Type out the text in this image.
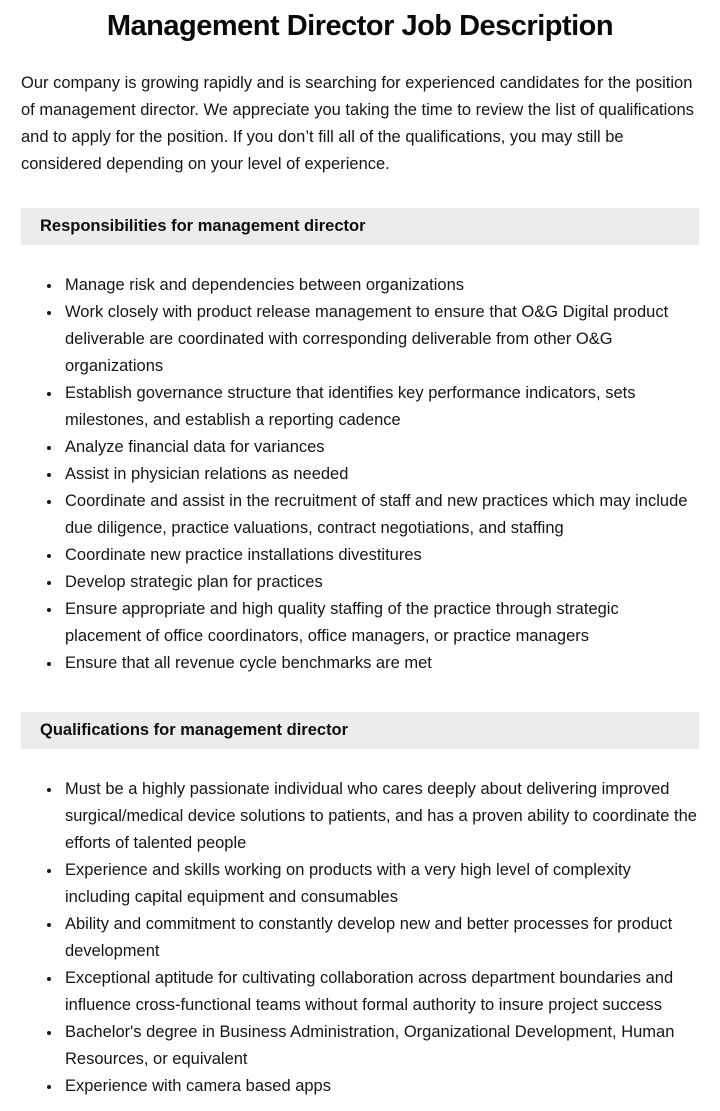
Management Director Job Description

Our company is growing rapidly and is searching for experienced candidates for the position of management director. We appreciate you taking the time to review the list of qualifications and to apply for the position. If you don’t fill all of the qualifications, you may still be considered depending on your level of experience.

Responsibilities for management director
• Manage risk and dependencies between organizations
• Work closely with product release management to ensure that O&G Digital product deliverable are coordinated with corresponding deliverable from other O&G organizations
• Establish governance structure that identifies key performance indicators, sets milestones, and establish a reporting cadence
• Analyze financial data for variances
• Assist in physician relations as needed
• Coordinate and assist in the recruitment of staff and new practices which may include due diligence, practice valuations, contract negotiations, and staffing
• Coordinate new practice installations divestitures
• Develop strategic plan for practices
• Ensure appropriate and high quality staffing of the practice through strategic placement of office coordinators, office managers, or practice managers
• Ensure that all revenue cycle benchmarks are met
Qualifications for management director
• Must be a highly passionate individual who cares deeply about delivering improved surgical/medical device solutions to patients, and has a proven ability to coordinate the efforts of talented people
• Experience and skills working on products with a very high level of complexity including capital equipment and consumables
• Ability and commitment to constantly develop new and better processes for product development
• Exceptional aptitude for cultivating collaboration across department boundaries and influence cross-functional teams without formal authority to insure project success
• Bachelor's degree in Business Administration, Organizational Development, Human Resources, or equivalent
• Experience with camera based apps
